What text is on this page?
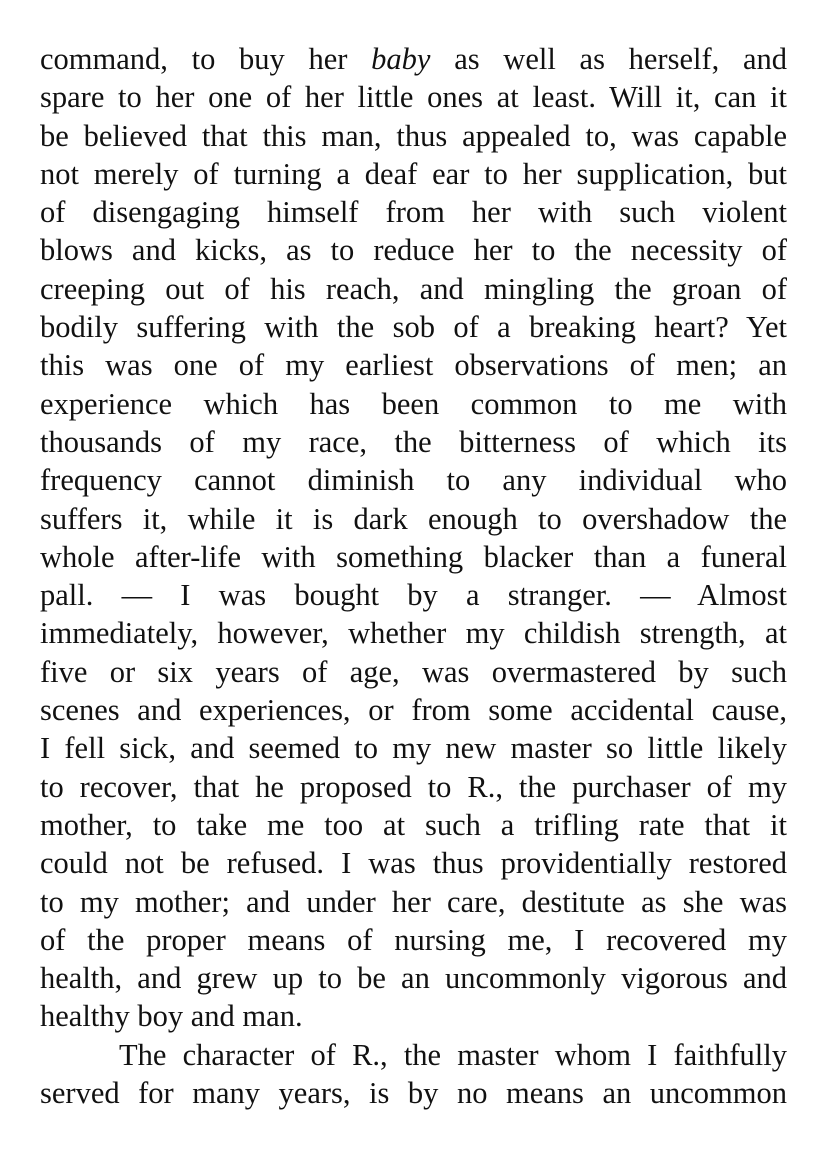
command, to buy her baby as well as herself, and
spare to her one of her little ones at least. Will it, can it
be believed that this man, thus appealed to, was capable
not merely of turning a deaf ear to her supplication, but
of disengaging himself from her with such violent
blows and kicks, as to reduce her to the necessity of
creeping out of his reach, and mingling the groan of
bodily suffering with the sob of a breaking heart? Yet
this was one of my earliest observations of men; an
experience which has been common to me with
thousands of my race, the bitterness of which its
frequency cannot diminish to any individual who
suffers it, while it is dark enough to overshadow the
whole after-life with something blacker than a funeral
pall. — I was bought by a stranger. — Almost
immediately, however, whether my childish strength, at
five or six years of age, was overmastered by such
scenes and experiences, or from some accidental cause,
I fell sick, and seemed to my new master so little likely
to recover, that he proposed to R., the purchaser of my
mother, to take me too at such a trifling rate that it
could not be refused. I was thus providentially restored
to my mother; and under her care, destitute as she was
of the proper means of nursing me, I recovered my
health, and grew up to be an uncommonly vigorous and
healthy boy and man.
The character of R., the master whom I faithfully
served for many years, is by no means an uncommon
